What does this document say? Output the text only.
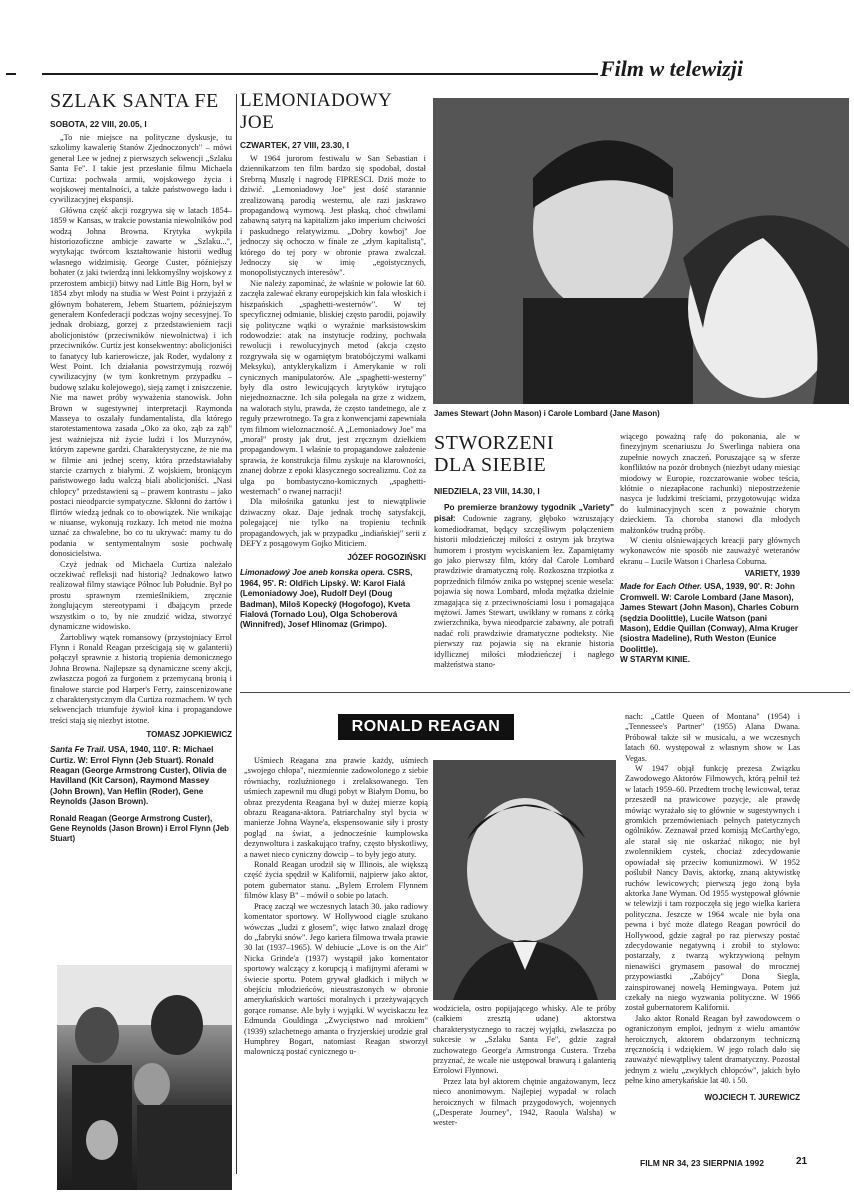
Film w telewizji
SZLAK SANTA FE
SOBOTA, 22 VIII, 20.05, I

„To nie miejsce na polityczne dyskusje, tu szkolimy kawalerię Stanów Zjednoczonych" – mówi generał Lee w jednej z pierwszych sekwencji „Szlaku Santa Fe". I takie jest przesłanie filmu Michaela Curtiza: pochwała armii, wojskowego życia i wojskowej mentalności, a także państwowego ładu i cywilizacyjnej ekspansji.

Główna część akcji rozgrywa się w latach 1854–1859 w Kansas, w trakcie powstania niewolników pod wodzą Johna Browna. Krytyka wykpiła historiozoficzne ambicje zawarte w „Szlaku...", wytykając twórcom kształtowanie historii według własnego widzimisię. George Custer, późniejszy bohater (z jaki twierdzą inni lekkomyślny wojskowy z przerostem ambicji) bitwy nad Little Big Horn, był w 1854 zbyt młody na studia w West Point i przyjaźń z głównym bohaterem, Jebem Stuartem, późniejszym generałem Konfederacji podczas wojny secesyjnej. To jednak drobiazg, gorzej z przedstawieniem racji abolicjonistów (przeciwników niewolnictwa) i ich przeciwników. Curtiz jest konsekwentny: abolicjoniści to fanatycy lub karierowicze, jak Roder, wydalony z West Point. Ich działania powstrzymują rozwój cywilizacyjny (w tym konkretnym przypadku – budowę szlaku kolejowego), sieją zamęt i zniszczenie. Nie ma nawet próby wyważenia stanowisk. John Brown w sugestywnej interpretacji Raymonda Masseya to oszalały fundamentalista, dla którego starotestamentowa zasada „Oko za oko, ząb za ząb" jest ważniejsza niż życie ludzi i los Murzynów, którym zapewne gardzi. Charakterystyczne, że nie ma w filmie ani jednej sceny, która przedstawiałaby starcie czarnych z białymi. Z wojskiem, broniącym państwowego ładu walczą biali abolicjoniści. „Nasi chłopcy" przedstawieni są – prawem kontrastu – jako postaci nieodparcie sympatyczne. Skłonni do żartów i flirtów wiedzą jednak co to obowiązek. Nie wnikając w niuanse, wykonują rozkazy. Ich metod nie można uznać za chwalebne, bo co tu ukrywać: mamy tu do podania w sentymentalnym sosie pochwałę donosicielstwa.

Czyż jednak od Michaela Curtiza należało oczekiwać refleksji nad historią? Jednakowo łatwo realizował filmy stawiące Północ lub Południe. Był po prostu sprawnym rzemieślnikiem, zręcznie żonglującym stereotypami i dbającym przede wszystkim o to, by nie znudzić widza, stworzyć dynamiczne widowisko.

Żartobliwy wątek romansowy (przystojniacy Errol Flynn i Ronald Reagan prześcigają się w galanterii) połączył sprawnie z historią tropienia demonicznego Johna Browna. Najlepsze są dynamiczne sceny akcji, zwłaszcza pogoń za furgonem z przemycaną bronią i finałowe starcie pod Harper's Ferry, zainscenizowane z charakterystycznym dla Curtiza rozmachem. W tych sekwencjach triumfuje żywioł kina i propagandowe treści stają się niezbyt istotne.

TOMASZ JOPKIEWICZ
Santa Fe Trail. USA, 1940, 110'. R: Michael Curtiz. W: Errol Flynn (Jeb Stuart). Ronald Reagan (George Armstrong Custer), Olivia de Havilland (Kit Carson), Raymond Massey (John Brown), Van Heflin (Roder), Gene Reynolds (Jason Brown).
Ronald Reagan (George Armstrong Custer), Gene Reynolds (Jason Brown) i Errol Flynn (Jeb Stuart)
LEMONIADOWY JOE
CZWARTEK, 27 VIII, 23.30, I

W 1964 jurorom festiwalu w San Sebastian i dziennikarzom ten film bardzo się spodobał, dostał Srebrną Muszlę i nagrodę FIPRESCI. Dziś może to dziwić. „Lemoniadowy Joe" jest dość starannie zrealizowaną parodią westernu, ale razi jaskrawo propagandową wymową. Jest płaską, choć chwilami zabawną satyrą na kapitalizm jako imperium chciwości i paskudnego relatywizmu. „Dobry kowboj" Joe jednoczy się ochoczo w finale ze „złym kapitalistą", którego do tej pory w obronie prawa zwalczał. Jednoczy się w imię „egoistycznych, monopolistycznych interesów".

Nie należy zapominać, że właśnie w połowie lat 60. zaczęła zalewać ekrany europejskich kin fala włoskich i hiszpańskich „spaghetti-westernów". W tej specyficznej odmianie, bliskiej często parodii, pojawiły się polityczne wątki o wyraźnie marksistowskim rodowodzie: atak na instytucje rodziny, pochwała rewolucji i rewolucyjnych metod (akcja często rozgrywała się w ogarniętym bratobójczymi walkami Meksyku), antyklerykalizm i Amerykanie w roli cynicznych manipulatorów. Ale „spaghetti-westerny" były dla ostro lewicujących krytyków irytująco niejednoznaczne. Ich siła polegała na grze z widzem, na walorach stylu, prawda, że często tandetnego, ale z reguły przewrotnego. Ta gra z konwencjami zapewniała tym filmom wieloznaczność. A „Lemoniadowy Joe" ma „morał" prosty jak drut, jest zręcznym dziełkiem propagandowym. I właśnie to propagandowe założenie sprawia, że konstrukcja filmu zyskuje na klarowności, znanej dobrze z epoki klasycznego socrealizmu. Coż za ulga po bombastyczno-komicznych „spaghetti-westernach" o rwanej narracji!

Dla miłośnika gatunku jest to niewątpliwie dziwaczny okaz. Daje jednak trochę satysfakcji, polegającej nie tylko na tropieniu technik propagandowych, jak w przypadku „indiańskiej" serii z DEFY z posągowym Gojko Miticiem.

JÓZEF ROGOZIŃSKI
Limonadowý Joe aneb konska opera. CSRS, 1964, 95'. R: Oldřich Lipský. W: Karol Fialá (Lemoniadowy Joe), Rudolf Deyl (Doug Badman), Miloš Kopecký (Hogofogo), Kveta Fialová (Tornado Lou), Olga Schoberová (Winnifred), Josef Hlinomaz (Grimpo).
James Stewart (John Mason) i Carole Lombard (Jane Mason)
STWORZENI
DLA SIEBIE
NIEDZIELA, 23 VIII, 14.30, I

Po premierze branżowy tygodnik „Variety" pisał: Cudownie zagrany, głęboko wzruszający komediodramat, będący szczęśliwym połączeniem historii młodzieńczej miłości z ostrym jak brzytwa humorem i prostym wyciskaniem łez. Zapamiętamy go jako pierwszy film, który dał Carole Lombard prawdziwie dramatyczną rolę. Rozkoszna trzpiotka z poprzednich filmów znika po wstępnej scenie wesela: pojawia się nowa Lombard, młoda mężatka dzielnie zmagająca się z przeciwnościami losu i pomagająca mężowi. James Stewart, uwikłany w romans z córką zwierzchnika, bywa nieodparcie zabawny, ale potrafi nadać roli prawdziwie dramatyczne podteksty. Nie pierwszy raz pojawia się na ekranie historia idyllicznej miłości młodzieńczej i nagłego małżeństwa stano-

wiącego poważną rafę do pokonania, ale w finezyjnym scenariuszu Jo Swerlinga nabiera ona zupełnie nowych znaczeń. Poruszające są w sferze konfliktów na pozór drobnych (niezbyt udany miesiąc miodowy w Europie, rozczarowanie wobec teścia, kłótnie o niezapłacone rachunki) niepostrzeżenie nasyca je ludzkimi treściami, przygotowując widza do kulminacyjnych scen z poważnie chorym dzieckiem. Ta choroba stanowi dla młodych małżonków trudną próbę.

W cieniu olśniewających kreacji pary głównych wykonawców nie sposób nie zauważyć weteranów ekranu – Lucile Watson i Charlesa Coburna.

VARIETY, 1939
Made for Each Other. USA, 1939, 90'. R: John Cromwell. W: Carole Lombard (Jane Mason), James Stewart (John Mason), Charles Coburn (sędzia Doolittle), Lucile Watson (pani Mason), Eddie Quillan (Conway), Alma Kruger (siostra Madeline), Ruth Weston (Eunice Doolittle).
W STARYM KINIE.
RONALD REAGAN

Uśmiech Reagana zna prawie każdy, uśmiech „swojego chłopa", niezmiennie zadowolonego z siebie równiachy, rozluźnionego i zrelaksowanego. Ten uśmiech zapewnił mu długi pobyt w Białym Domu, bo obraz prezydenta Reagana był w dużej mierze kopią obrazu Reagana-aktora. Patriarchalny styl bycia w manierze Johna Wayne'a, ekspensowanie siły i prosty pogląd na świat, a jednocześnie kumplowska dezynwoltura i zaskakująco trafny, często błyskotliwy, a nawet nieco cyniczny dowcip – to były jego atuty.

Ronald Reagan urodził się w Illinois, ale większą część życia spędził w Kalifornii, najpierw jako aktor, potem gubernator stanu. „Bylem Errolem Flynnem filmów klasy B" – mówił o sobie po latach.

Pracę zaczął we wczesnych latach 30. jako radiowy komentator sportowy. W Hollywood ciągle szukano wówczas „ludzi z głosem", więc łatwo znalazł drogę do „fabryki snów". Jego kariera filmowa trwała prawie 30 lat (1937–1965). W debiucie „Love is on the Air" Nicka Grinde'a (1937) wystąpił jako komentator sportowy walczący z korupcją i mafijnymi aferami w świecie sportu. Potem grywał gładkich i miłych w obejściu młodzieńców, nieustraszonych w obronie amerykańskich wartości moralnych i przeżywających gorące romanse. Ale były i wyjątki. W wyciskaczu łez Edmunda Gouldinga „Zwycięstwo nad mrokiem" (1939) szlachetnego amanta o fryzjerskiej urodzie grał Humphrey Bogart, natomiast Reagan stworzył malowniczą postać cynicznego u-

wodziciela, ostro popijającego whisky. Ale te próby (całkiem zresztą udane) aktorstwa charakterystycznego to raczej wyjątki, zwłaszcza po sukcesie w „Szlaku Santa Fe", gdzie zagrał zuchowatego George'a Armstronga Custera. Trzeba przyznać, że wcale nie ustępował brawurą i galanterią Errolowi Flynnowi.

Przez lata był aktorem chętnie angażowanym, lecz nieco anonimowym. Najlepiej wypadał w rolach heroicznych w filmach przygodowych, wojennych („Desperate Journey", 1942, Raoula Walsha) w wester-

nach: „Cattle Queen of Montana" (1954) i „Tennessee's Partner" (1955) Alana Dwana. Próbował także sił w musicalu, a we wczesnych latach 60. występował z własnym show w Las Vegas.

W 1947 objął funkcję prezesa Związku Zawodowego Aktorów Filmowych, którą pełnił też w latach 1959–60. Przedtem trochę lewicował, teraz przeszedł na prawicowe pozycje, ale prawdę mówiąc wyrażało się to głównie w sugestywnych i gromkich przemówieniach pełnych patetycznych ogólników. Zeznawał przed komisją McCarthy'ego, ale starał się nie oskarżać nikogo; nie był zwolennikiem cystek, chociaż zdecydowanie opowiadał się przeciw komunizmowi. W 1952 poślubił Nancy Davis, aktorkę, znaną aktywistkę ruchów lewicowych; pierwszą jego żoną była aktorka Jane Wyman. Od 1955 występował głównie w telewizji i tam rozpoczęła się jego wielka kariera polityczna. Jeszcze w 1964 wcale nie była ona pewna i być może dlatego Reagan powrócił do Hollywood, gdzie zagrał po raz pierwszy postać zdecydowanie negatywną i zrobił to stylowo: postarzały, z twarzą wykrzywioną pełnym nienawiści grymasem pasował do mrocznej przypowiastki „Zabójcy" Dona Siegla, zainspirowanej nowelą Hemingwaya. Potem już czekały na niego wyzwania polityczne. W 1966 został gubernatorem Kalifornii.

Jako aktor Ronald Reagan był zawodowcem o ograniczonym emploi, jednym z wielu amantów heroicznych, aktorem obdarzonym techniczną zręcznością i wdziękiem. W jego rolach dało się zauważyć niewątpliwy talent dramatyczny. Pozostał jednym z wielu „zwykłych chłopców", jakich było pełne kino amerykańskie lat 40. i 50.

WOJCIECH T. JUREWICZ
FILM NR 34, 23 SIERPNIA 1992	21
